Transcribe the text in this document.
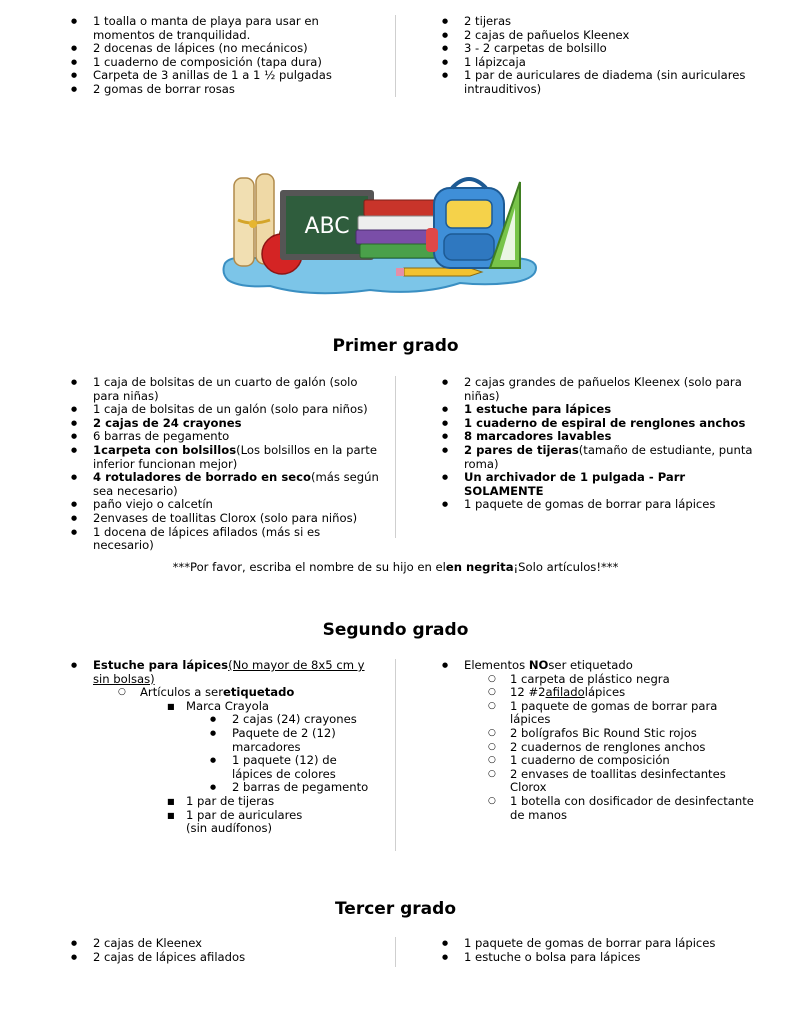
● 1 toalla o manta de playa para usar en momentos de tranquilidad.
● 2 docenas de lápices (no mecánicos)
● 1 cuaderno de composición (tapa dura)
● Carpeta de 3 anillas de 1 a 1 ½ pulgadas
● 2 gomas de borrar rosas
● 2 tijeras
● 2 cajas de pañuelos Kleenex
● 3 - 2 carpetas de bolsillo
● 1 lápizcaja
● 1 par de auriculares de diadema (sin auriculares intrauditivos)
ABC
Primer grado
● 1 caja de bolsitas de un cuarto de galón (solo para niñas)
● 1 caja de bolsitas de un galón (solo para niños)
● 2 cajas de 24 crayones
● 6 barras de pegamento
● 1carpeta con bolsillos(Los bolsillos en la parte inferior funcionan mejor)
● 4 rotuladores de borrado en seco(más según sea necesario)
● paño viejo o calcetín
● 2envases de toallitas Clorox (solo para niños)
● 1 docena de lápices afilados (más si es necesario)
● 2 cajas grandes de pañuelos Kleenex (solo para niñas)
● 1 estuche para lápices
● 1 cuaderno de espiral de renglones anchos
● 8 marcadores lavables
● 2 pares de tijeras(tamaño de estudiante, punta roma)
● Un archivador de 1 pulgada - Parr SOLAMENTE
● 1 paquete de gomas de borrar para lápices
***Por favor, escriba el nombre de su hijo en elen negrita¡Solo artículos!***
Segundo grado
● Estuche para lápices(No mayor de 8x5 cm y sin bolsas)
○ Artículos a seretiquetado
■ Marca Crayola
● 2 cajas (24) crayones
● Paquete de 2 (12) marcadores
● 1 paquete (12) de lápices de colores
● 2 barras de pegamento
■ 1 par de tijeras
■ 1 par de auriculares (sin audífonos)
● Elementos NOser etiquetado
○ 1 carpeta de plástico negra
○ 12 #2afiladolápices
○ 1 paquete de gomas de borrar para lápices
○ 2 bolígrafos Bic Round Stic rojos
○ 2 cuadernos de renglones anchos
○ 1 cuaderno de composición
○ 2 envases de toallitas desinfectantes Clorox
○ 1 botella con dosificador de desinfectante de manos
Tercer grado
● 2 cajas de Kleenex
● 2 cajas de lápices afilados
● 1 paquete de gomas de borrar para lápices
● 1 estuche o bolsa para lápices
